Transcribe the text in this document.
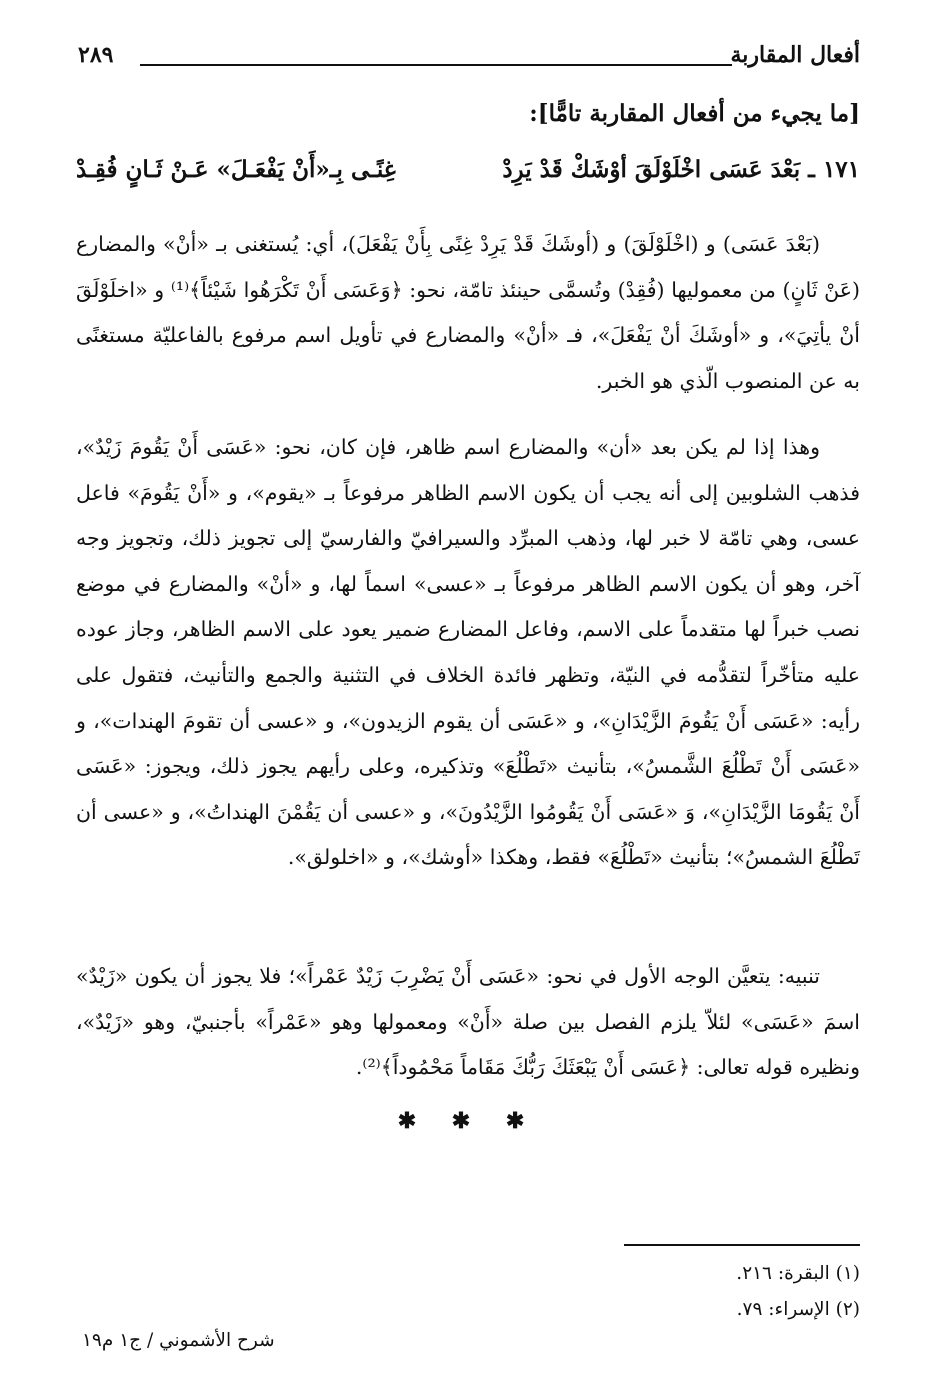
أفعال المقاربة
٢٨٩
[ما يجيء من أفعال المقاربة تامًّا]:
١٧١ ـ بَعْدَ عَسَى اخْلَوْلَقَ أوْشَكْ قَدْ يَرِدْ
غِنًـى بِـ«أَنْ يَفْعَـلَ» عَـنْ ثَـانٍ فُقِـدْ

(بَعْدَ عَسَى) و (اخْلَوْلَقَ) و (أوشَكَ قَدْ يَرِدْ غِنًى بِأَنْ يَفْعَلَ)، أي: يُستغنى بـ «أنْ» والمضارع (عَنْ ثَانٍ) من معموليها (فُقِدْ) وتُسمَّى حينئذ تامّة، نحو: ﴿وَعَسَى أَنْ تَكْرَهُوا شَيْئاً﴾⁽¹⁾ و «اخلَوْلَقَ أنْ يأتِيَ»، و «أوشَكَ أنْ يَفْعَلَ»، فـ «أنْ» والمضارع في تأويل اسم مرفوع بالفاعليّة مستغنًى به عن المنصوب الّذي هو الخبر.

وهذا إذا لم يكن بعد «أن» والمضارع اسم ظاهر، فإن كان، نحو: «عَسَى أَنْ يَقُومَ زَيْدٌ»، فذهب الشلوبين إلى أنه يجب أن يكون الاسم الظاهر مرفوعاً بـ «يقوم»، و «أَنْ يَقُومَ» فاعل عسى، وهي تامّة لا خبر لها، وذهب المبرِّد والسيرافيّ والفارسيّ إلى تجويز ذلك، وتجويز وجه آخر، وهو أن يكون الاسم الظاهر مرفوعاً بـ «عسى» اسماً لها، و «أنْ» والمضارع في موضع نصب خبراً لها متقدماً على الاسم، وفاعل المضارع ضمير يعود على الاسم الظاهر، وجاز عوده عليه متأخّراً لتقدُّمه في النيّة، وتظهر فائدة الخلاف في التثنية والجمع والتأنيث، فتقول على رأيه: «عَسَى أَنْ يَقُومَ الزَّيْدَانِ»، و «عَسَى أن يقوم الزيدون»، و «عسى أن تقومَ الهندات»، و «عَسَى أَنْ تَطْلُعَ الشَّمسُ»، بتأنيث «تَطْلُعَ» وتذكيره، وعلى رأيهم يجوز ذلك، ويجوز: «عَسَى أَنْ يَقُومَا الزَّيْدَانِ»، وَ «عَسَى أَنْ يَقُومُوا الزَّيْدُونَ»، و «عسى أن يَقُمْنَ الهنداتُ»، و «عسى أن تَطْلُعَ الشمسُ»؛ بتأنيث «تَطْلُعَ» فقط، وهكذا «أوشك»، و «اخلولق».

تنبيه: يتعيَّن الوجه الأول في نحو: «عَسَى أَنْ يَضْرِبَ زَيْدٌ عَمْراً»؛ فلا يجوز أن يكون «زَيْدٌ» اسمَ «عَسَى» لئلاّ يلزم الفصل بين صلة «أَنْ» ومعمولها وهو «عَمْراً» بأجنبيّ، وهو «زَيْدٌ»، ونظيره قوله تعالى: ﴿عَسَى أَنْ يَبْعَثَكَ رَبُّكَ مَقَاماً مَحْمُوداً﴾⁽²⁾.

✱ ✱ ✱

(١) البقرة: ٢١٦.

(٢) الإسراء: ٧٩.

شرح الأشموني / ج١ م١٩
